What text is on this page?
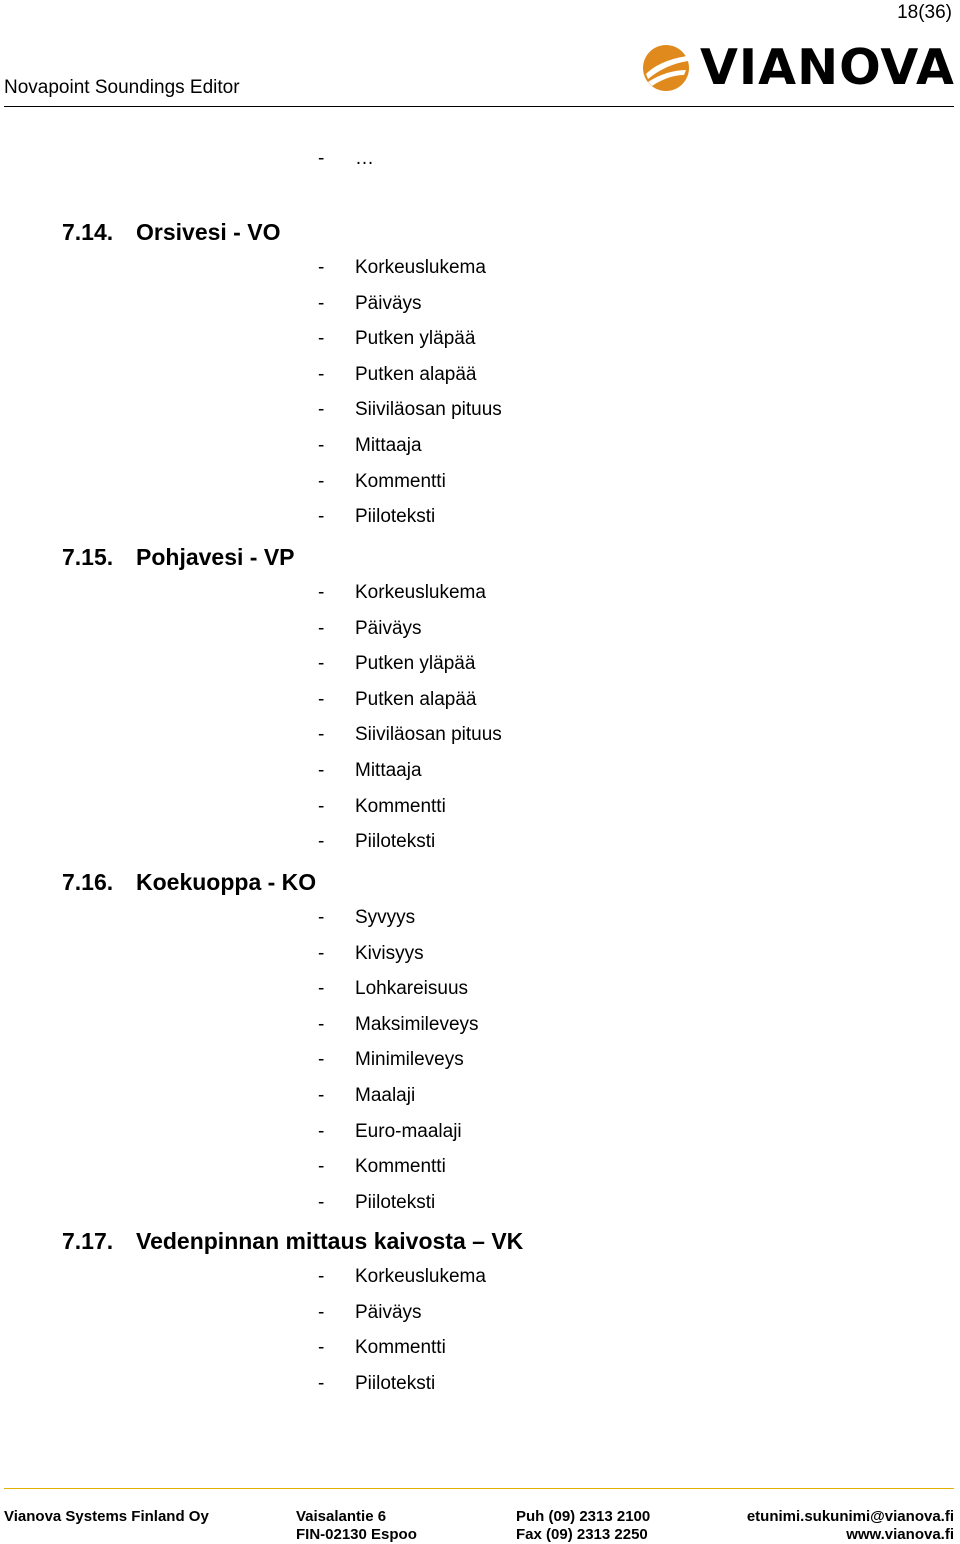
18(36)
Novapoint Soundings Editor	VIANOVA
- …
7.14. Orsivesi - VO
- Korkeuslukema
- Päiväys
- Putken yläpää
- Putken alapää
- Siiviläosan pituus
- Mittaaja
- Kommentti
- Piiloteksti
7.15. Pohjavesi - VP
- Korkeuslukema
- Päiväys
- Putken yläpää
- Putken alapää
- Siiviläosan pituus
- Mittaaja
- Kommentti
- Piiloteksti
7.16. Koekuoppa - KO
- Syvyys
- Kivisyys
- Lohkareisuus
- Maksimileveys
- Minimileveys
- Maalaji
- Euro-maalaji
- Kommentti
- Piiloteksti
7.17. Vedenpinnan mittaus kaivosta – VK
- Korkeuslukema
- Päiväys
- Kommentti
- Piiloteksti
Vianova Systems Finland Oy	Vaisalantie 6
FIN-02130 Espoo
Puh (09) 2313 2100
Fax (09) 2313 2250
etunimi.sukunimi@vianova.fi
www.vianova.fi
